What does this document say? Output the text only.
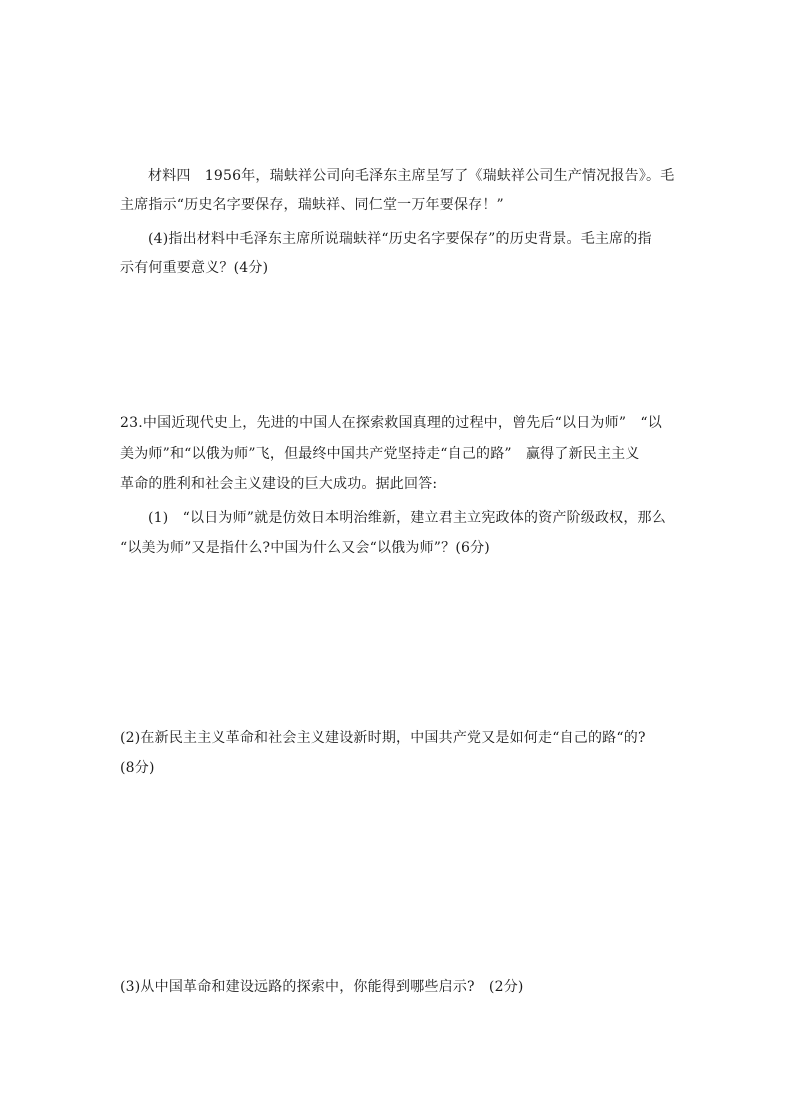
材料四　1956年，瑞蚨祥公司向毛泽东主席呈写了《瑞蚨祥公司生产情况报告》。毛
主席指示“历史名字要保存，瑞蚨祥、同仁堂一万年要保存！”
(4)指出材料中毛泽东主席所说瑞蚨祥“历史名字要保存”的历史背景。毛主席的指
示有何重要意义？(4分)
23.中国近现代史上，先进的中国人在探索救国真理的过程中，曾先后“以日为师”　“以
美为师”和“以俄为师”飞，但最终中国共产党坚持走“自己的路”　赢得了新民主主义
革命的胜利和社会主义建设的巨大成功。据此回答:
(1)　“以日为师”就是仿效日本明治维新，建立君主立宪政体的资产阶级政权，那么
“以美为师”又是指什么?中国为什么又会“以俄为师”？(6分)
(2)在新民主主义革命和社会主义建设新时期，中国共产党又是如何走“自己的路“的?
(8分)
(3)从中国革命和建设远路的探索中，你能得到哪些启示?　(2分)
